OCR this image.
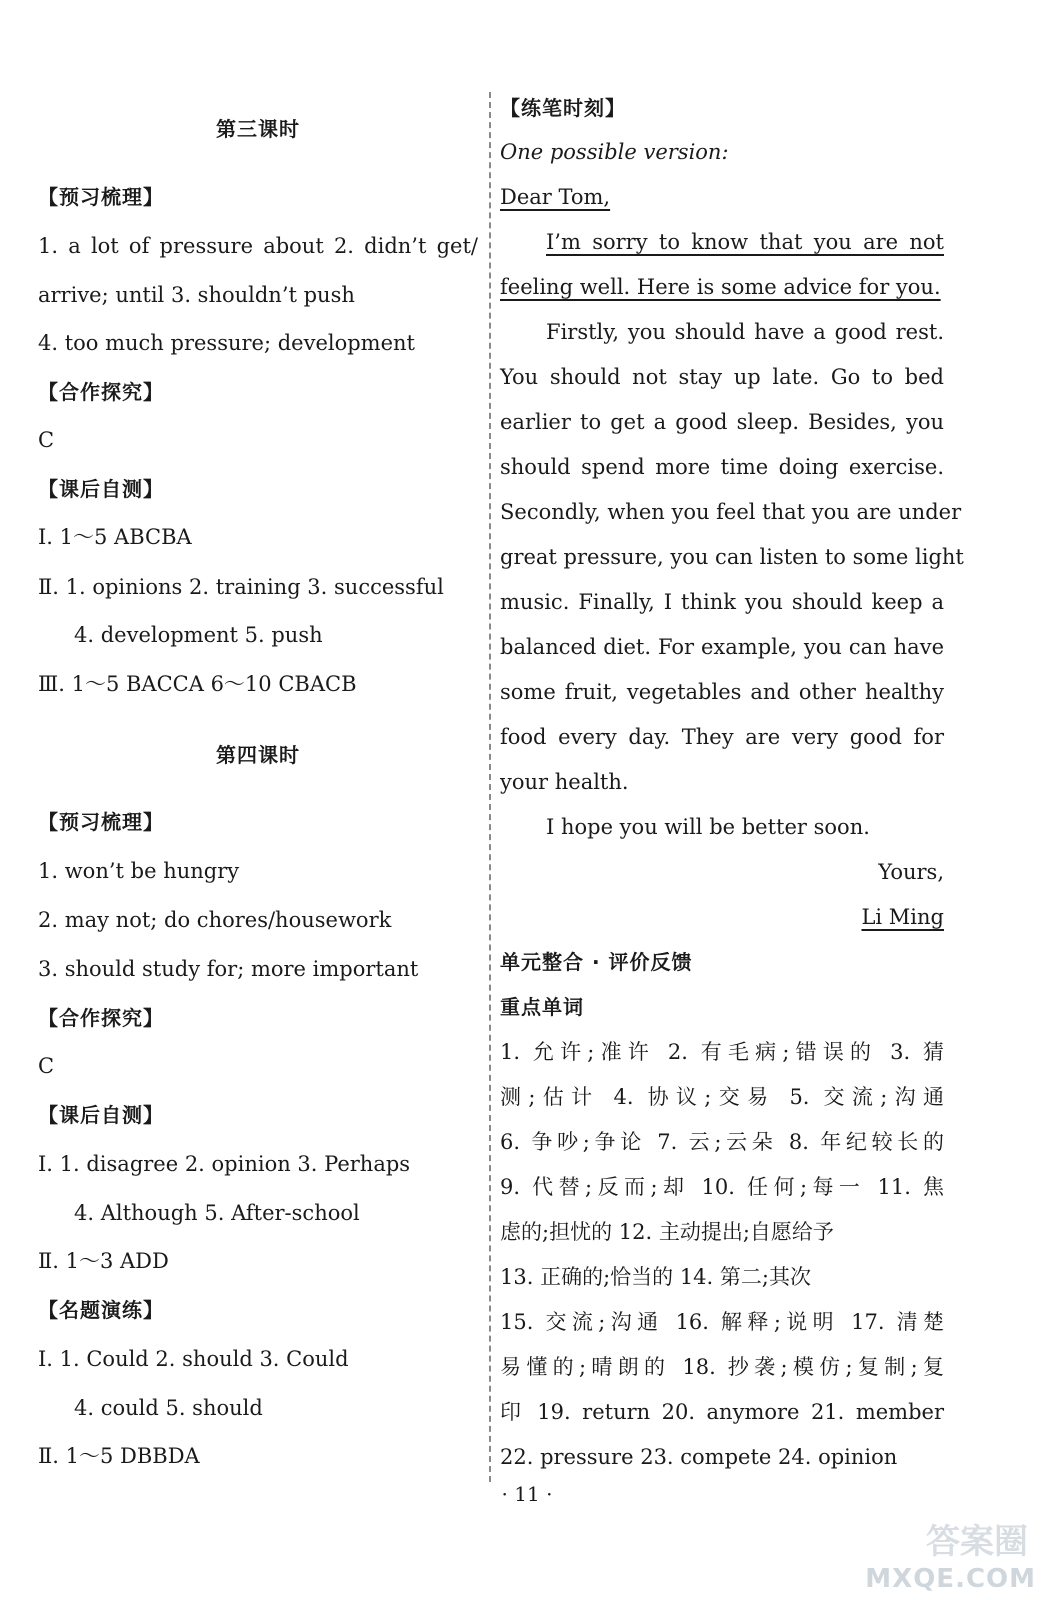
第三课时
【预习梳理】
1. a lot of pressure about 2. didn’t get/
arrive; until 3. shouldn’t push
4. too much pressure; development
【合作探究】
C
【课后自测】
Ⅰ. 1～5 ABCBA
Ⅱ. 1. opinions 2. training 3. successful
4. development 5. push
Ⅲ. 1～5 BACCA 6～10 CBACB
第四课时
【预习梳理】
1. won’t be hungry
2. may not; do chores/housework
3. should study for; more important
【合作探究】
C
【课后自测】
Ⅰ. 1. disagree 2. opinion 3. Perhaps
4. Although 5. After-school
Ⅱ. 1～3 ADD
【名题演练】
Ⅰ. 1. Could 2. should 3. Could
4. could 5. should
Ⅱ. 1～5 DBBDA
【练笔时刻】
One possible version:
Dear Tom,
I’m sorry to know that you are not
feeling well. Here is some advice for you.
Firstly, you should have a good rest.
You should not stay up late. Go to bed
earlier to get a good sleep. Besides, you
should spend more time doing exercise.
Secondly, when you feel that you are under
great pressure, you can listen to some light
music. Finally, I think you should keep a
balanced diet. For example, you can have
some fruit, vegetables and other healthy
food every day. They are very good for
your health.
I hope you will be better soon.
Yours,
Li Ming
单元整合 · 评价反馈
重点单词
1. 允许;准许 2. 有毛病;错误的 3. 猜
测;估计 4. 协议;交易 5. 交流;沟通
6. 争吵;争论 7. 云;云朵 8. 年纪较长的
9. 代替;反而;却 10. 任何;每一 11. 焦
虑的;担忧的 12. 主动提出;自愿给予
13. 正确的;恰当的 14. 第二;其次
15. 交流;沟通 16. 解释;说明 17. 清楚
易懂的;晴朗的 18. 抄袭;模仿;复制;复
印 19. return 20. anymore 21. member
22. pressure 23. compete 24. opinion
· 11 ·
答案圈
MXQE.COM
